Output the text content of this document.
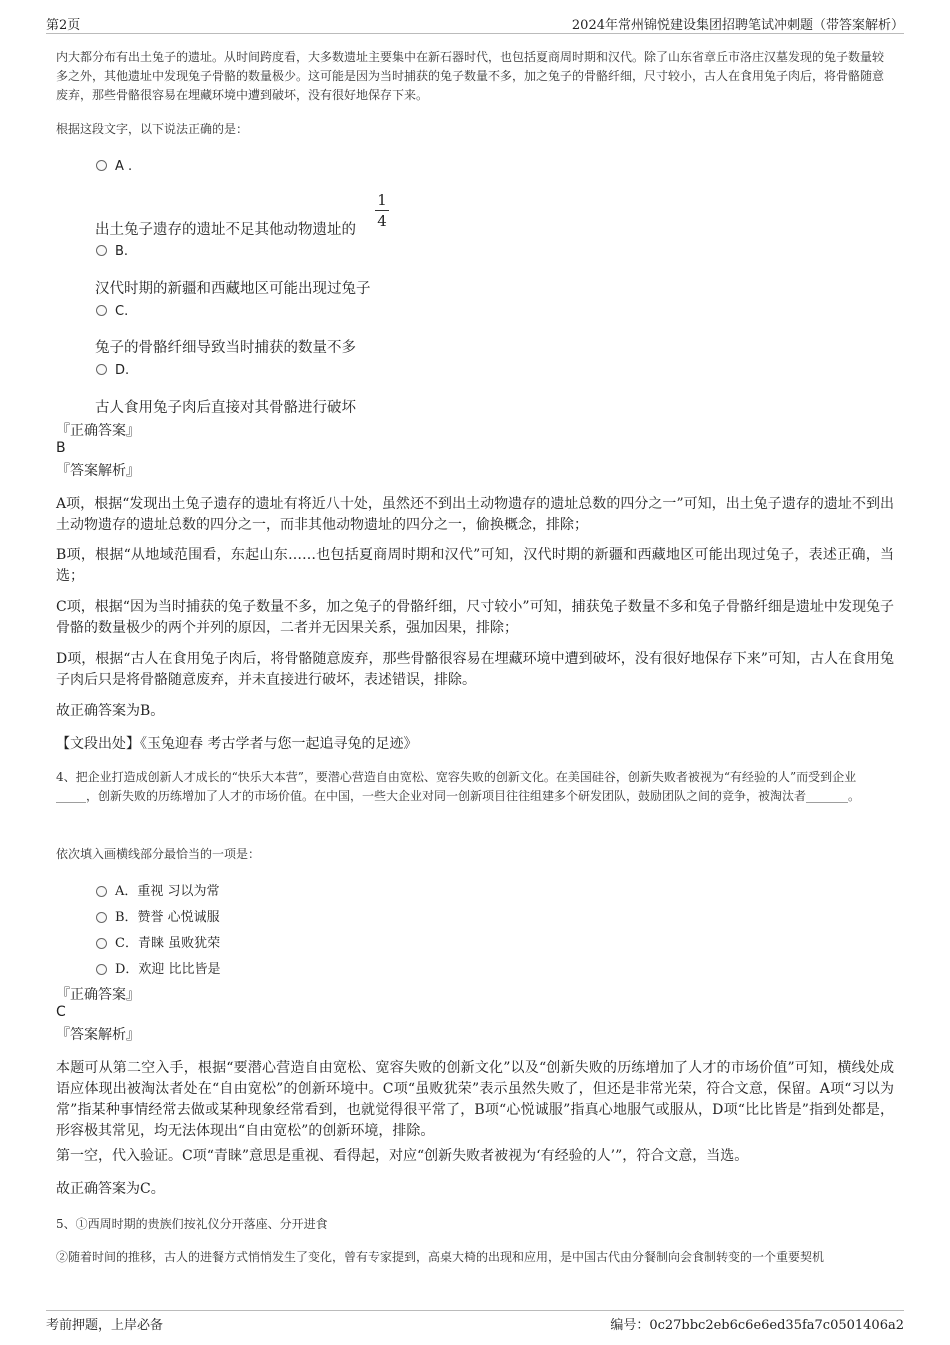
第2页	2024年常州锦悦建设集团招聘笔试冲刺题（带答案解析）

内大都分布有出土兔子的遗址。从时间跨度看，大多数遗址主要集中在新石器时代，也包括夏商周时期和汉代。除了山东省章丘市洛庄汉墓发现的兔子数量较多之外，其他遗址中发现兔子骨骼的数量极少。这可能是因为当时捕获的兔子数量不多，加之兔子的骨骼纤细，尺寸较小，古人在食用兔子肉后，将骨骼随意废弃，那些骨骼很容易在埋藏环境中遭到破坏，没有很好地保存下来。

根据这段文字，以下说法正确的是：
A .
出土兔子遗存的遗址不足其他动物遗址的
1
4
B.
汉代时期的新疆和西藏地区可能出现过兔子
C.
兔子的骨骼纤细导致当时捕获的数量不多
D.
古人食用兔子肉后直接对其骨骼进行破坏
『正确答案』
B
『答案解析』

A项，根据“发现出土兔子遗存的遗址有将近八十处，虽然还不到出土动物遗存的遗址总数的四分之一”可知，出土兔子遗存的遗址不到出土动物遗存的遗址总数的四分之一，而非其他动物遗址的四分之一，偷换概念，排除；

B项，根据“从地域范围看，东起山东……也包括夏商周时期和汉代”可知，汉代时期的新疆和西藏地区可能出现过兔子，表述正确，当选；

C项，根据“因为当时捕获的兔子数量不多，加之兔子的骨骼纤细，尺寸较小”可知，捕获兔子数量不多和兔子骨骼纤细是遗址中发现兔子骨骼的数量极少的两个并列的原因，二者并无因果关系，强加因果，排除；

D项，根据“古人在食用兔子肉后，将骨骼随意废弃，那些骨骼很容易在埋藏环境中遭到破坏，没有很好地保存下来”可知，古人在食用兔子肉后只是将骨骼随意废弃，并未直接进行破坏，表述错误，排除。

故正确答案为B。

【文段出处】《玉兔迎春 考古学者与您一起追寻兔的足迹》

4、把企业打造成创新人才成长的“快乐大本营”，要潜心营造自由宽松、宽容失败的创新文化。在美国硅谷，创新失败者被视为“有经验的人”而受到企业_____，创新失败的历练增加了人才的市场价值。在中国，一些大企业对同一创新项目往往组建多个研发团队，鼓励团队之间的竞争，被淘汰者_______。

依次填入画横线部分最恰当的一项是：
A．重视 习以为常
B．赞誉 心悦诚服
C．青睐 虽败犹荣
D．欢迎 比比皆是
『正确答案』
C
『答案解析』

本题可从第二空入手，根据“要潜心营造自由宽松、宽容失败的创新文化”以及“创新失败的历练增加了人才的市场价值”可知，横线处成语应体现出被淘汰者处在“自由宽松”的创新环境中。C项“虽败犹荣”表示虽然失败了，但还是非常光荣，符合文意，保留。A项“习以为常”指某种事情经常去做或某种现象经常看到，也就觉得很平常了，B项“心悦诚服”指真心地服气或服从，D项“比比皆是”指到处都是，形容极其常见，均无法体现出“自由宽松”的创新环境，排除。

第一空，代入验证。C项“青睐”意思是重视、看得起，对应“创新失败者被视为‘有经验的人’”，符合文意，当选。

故正确答案为C。

5、①西周时期的贵族们按礼仪分开落座、分开进食

②随着时间的推移，古人的进餐方式悄悄发生了变化，曾有专家提到，高桌大椅的出现和应用，是中国古代由分餐制向会食制转变的一个重要契机

考前押题，上岸必备	编号：0c27bbc2eb6c6e6ed35fa7c0501406a2
